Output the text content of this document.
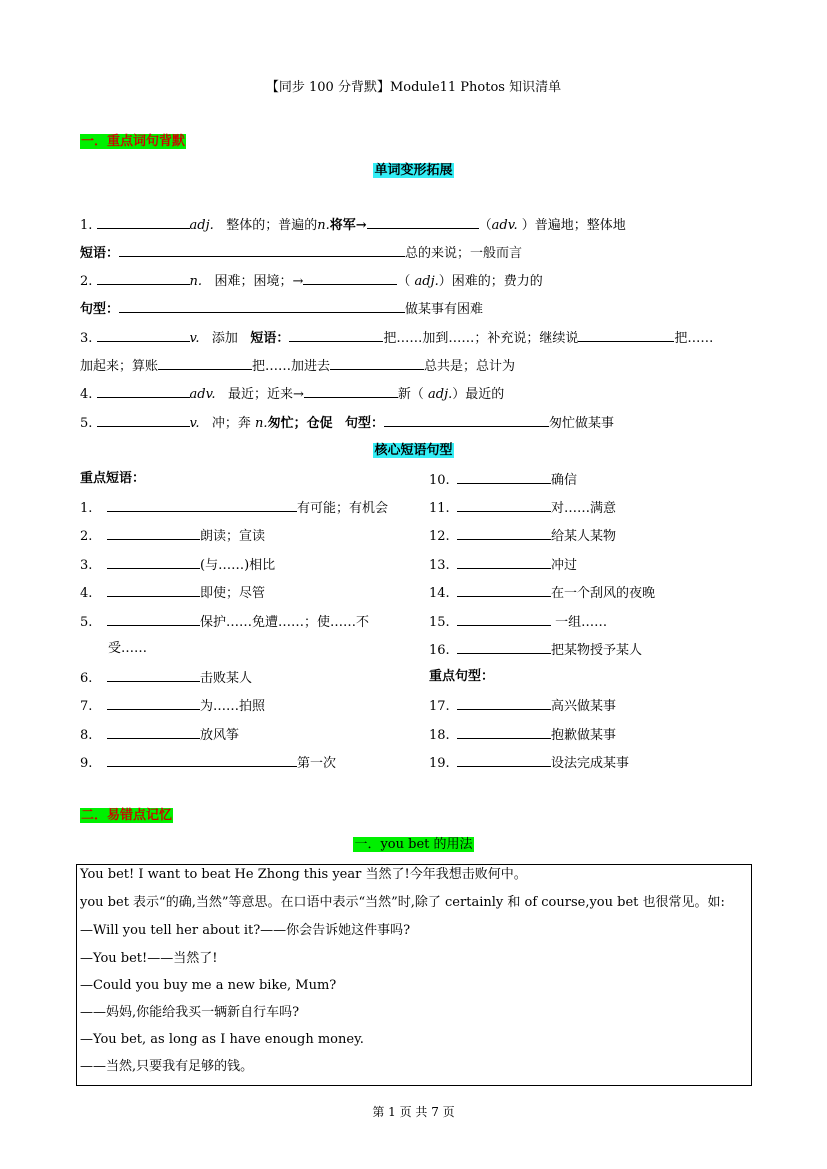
【同步 100 分背默】Module11 Photos 知识清单
一．重点词句背默
单词变形拓展
1.	adj. 整体的；普遍的n.将军→	（adv. ）普遍地；整体地
短语：	总的来说；一般而言
2.	n. 困难；困境；→	（ adj.）困难的；费力的
句型：	做某事有困难
3.	v. 添加 短语：	把……加到……；补充说；继续说	把……
加起来；算账	把……加进去	总共是；总计为
4.	adv. 最近；近来→	新（ adj.）最近的
5.	v. 冲；奔 n.匆忙；仓促 句型：	匆忙做某事
核心短语句型
重点短语：
重点句型：
二．易错点记忆
一．you bet 的用法
You bet! I want to beat He Zhong this year 当然了!今年我想击败何中。
you bet 表示“的确,当然”等意思。在口语中表示“当然”时,除了 certainly 和 of course,you bet 也很常见。如:
—Will you tell her about it?——你会告诉她这件事吗?
—You bet!——当然了!
—Could you buy me a new bike, Mum?
——妈妈,你能给我买一辆新自行车吗?
—You bet, as long as I have enough money.
——当然,只要我有足够的钱。
第 1 页 共 7 页
1.	有可能；有机会
2.	朗读；宣读
3.	(与……)相比
4.	即使；尽管
5.	保护……免遭……；使……不
受……
6.	击败某人
7.	为……拍照
8.	放风筝
9.	第一次
10.	确信
11.	对……满意
12.	给某人某物
13.	冲过
14.	在一个刮风的夜晚
15.	一组……
16.	把某物授予某人
17.	高兴做某事
18.	抱歉做某事
19.	设法完成某事
